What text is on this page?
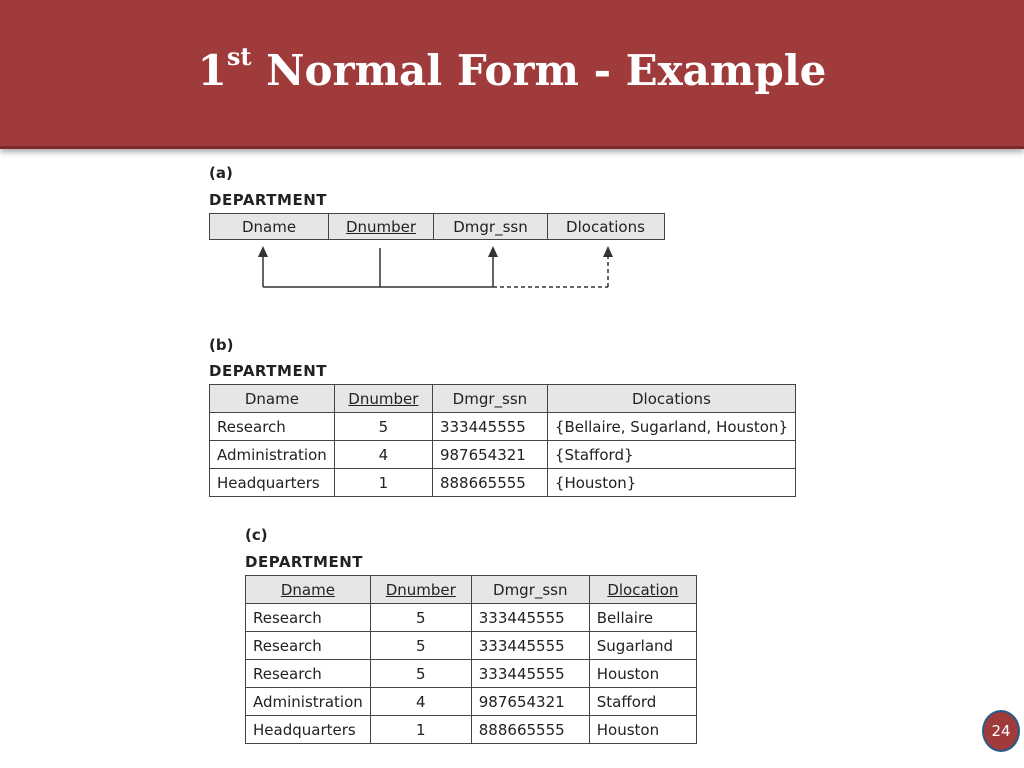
1st Normal Form - Example
(a)
DEPARTMENT
Dname	Dnumber	Dmgr_ssn	Dlocations
(b)
DEPARTMENT
Dname	Dnumber	Dmgr_ssn	Dlocations
Research	5	333445555	{Bellaire, Sugarland, Houston}
Administration	4	987654321	{Stafford}
Headquarters	1	888665555	{Houston}
(c)
DEPARTMENT
Dname	Dnumber	Dmgr_ssn	Dlocation
Research	5	333445555	Bellaire
Research	5	333445555	Sugarland
Research	5	333445555	Houston
Administration	4	987654321	Stafford
Headquarters	1	888665555	Houston	24
